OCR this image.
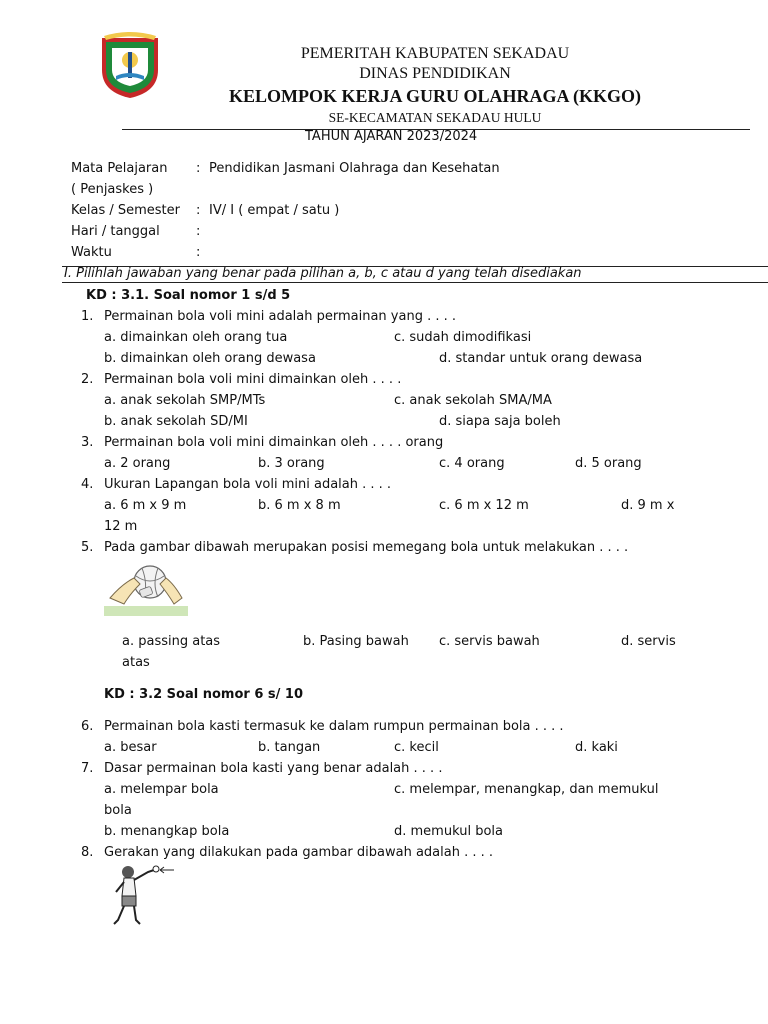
PEMERITAH KABUPATEN SEKADAU
DINAS PENDIDIKAN
KELOMPOK KERJA GURU OLAHRAGA (KKGO)
SE-KECAMATAN SEKADAU HULU
TAHUN AJARAN 2023/2024
Mata Pelajaran : Pendidikan Jasmani Olahraga dan Kesehatan
( Penjaskes )
Kelas / Semester : IV/ I ( empat / satu )
Hari / tanggal	:
Waktu	:
I. Pilihlah jawaban yang benar pada pilihan a, b, c atau d yang telah disediakan
KD : 3.1. Soal nomor 1 s/d 5
1. Permainan bola voli mini adalah permainan yang . . . .
a. dimainkan oleh orang tua	c. sudah dimodifikasi
b. dimainkan oleh orang dewasa	d. standar untuk orang dewasa
2. Permainan bola voli mini dimainkan oleh . . . .
a. anak sekolah SMP/MTs	c. anak sekolah SMA/MA
b. anak sekolah SD/MI	d. siapa saja boleh
3. Permainan bola voli mini dimainkan oleh . . . . orang
a. 2 orang	b. 3 orang	c. 4 orang	d. 5 orang
4. Ukuran Lapangan bola voli mini adalah . . . .
a. 6 m x 9 m	b. 6 m x 8 m	c. 6 m x 12 m	d. 9 m x
12 m
5. Pada gambar dibawah merupakan posisi memegang bola untuk melakukan . . . .
a. passing atas	b. Pasing bawah c. servis bawah	d. servis
atas
KD : 3.2 Soal nomor 6 s/ 10
6. Permainan bola kasti termasuk ke dalam rumpun permainan bola . . . .
a. besar	b. tangan	c. kecil	d. kaki
7. Dasar permainan bola kasti yang benar adalah . . . .
a. melempar bola	c. melempar, menangkap, dan memukul
bola
b. menangkap bola	d. memukul bola
8. Gerakan yang dilakukan pada gambar dibawah adalah . . . .
